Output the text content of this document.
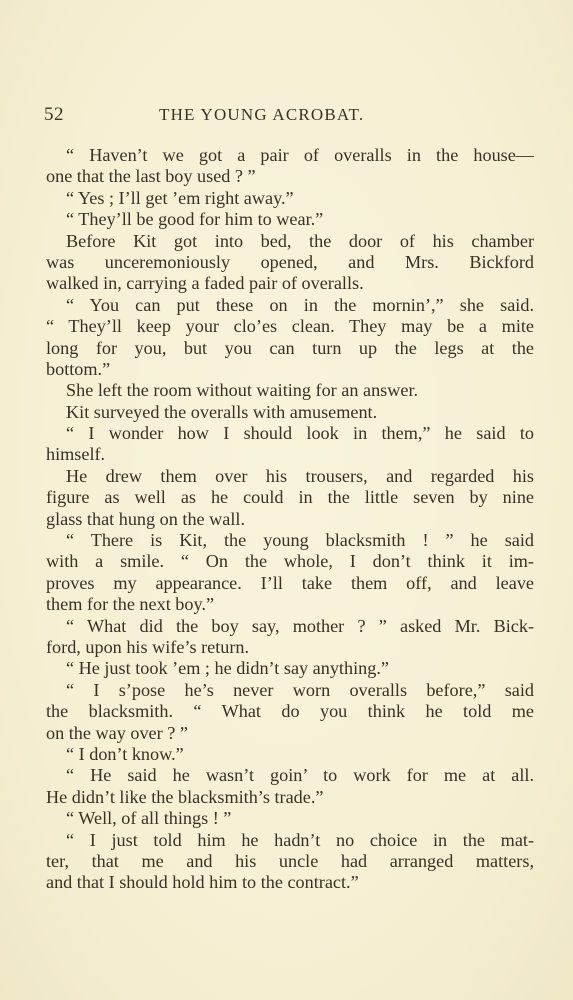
52	THE YOUNG ACROBAT.
“ Haven’t we got a pair of overalls in the house—
one that the last boy used ? ”
“ Yes ; I’ll get ’em right away.”
“ They’ll be good for him to wear.”
Before Kit got into bed, the door of his chamber
was unceremoniously opened, and Mrs. Bickford
walked in, carrying a faded pair of overalls.
“ You can put these on in the mornin’,” she said.
“ They’ll keep your clo’es clean. They may be a mite
long for you, but you can turn up the legs at the
bottom.”
She left the room without waiting for an answer.
Kit surveyed the overalls with amusement.
“ I wonder how I should look in them,” he said to
himself.
He drew them over his trousers, and regarded his
figure as well as he could in the little seven by nine
glass that hung on the wall.
“ There is Kit, the young blacksmith ! ” he said
with a smile. “ On the whole, I don’t think it im-
proves my appearance. I’ll take them off, and leave
them for the next boy.”
“ What did the boy say, mother ? ” asked Mr. Bick-
ford, upon his wife’s return.
“ He just took ’em ; he didn’t say anything.”
“ I s’pose he’s never worn overalls before,” said
the blacksmith. “ What do you think he told me
on the way over ? ”
“ I don’t know.”
“ He said he wasn’t goin’ to work for me at all.
He didn’t like the blacksmith’s trade.”
“ Well, of all things ! ”
“ I just told him he hadn’t no choice in the mat-
ter, that me and his uncle had arranged matters,
and that I should hold him to the contract.”
